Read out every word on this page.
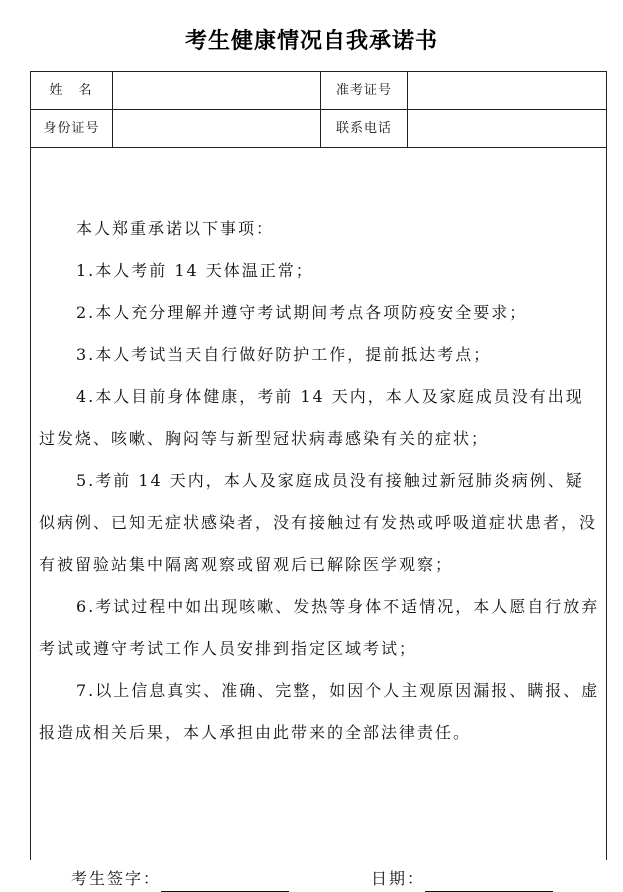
考生健康情况自我承诺书
姓名	准考证号
身份证号	联系电话

本人郑重承诺以下事项：

1.本人考前 14 天体温正常；

2.本人充分理解并遵守考试期间考点各项防疫安全要求；

3.本人考试当天自行做好防护工作，提前抵达考点；

4.本人目前身体健康，考前 14 天内，本人及家庭成员没有出现过发烧、咳嗽、胸闷等与新型冠状病毒感染有关的症状；

5.考前 14 天内，本人及家庭成员没有接触过新冠肺炎病例、疑似病例、已知无症状感染者，没有接触过有发热或呼吸道症状患者，没有被留验站集中隔离观察或留观后已解除医学观察；

6.考试过程中如出现咳嗽、发热等身体不适情况，本人愿自行放弃考试或遵守考试工作人员安排到指定区域考试；

7.以上信息真实、准确、完整，如因个人主观原因漏报、瞒报、虚报造成相关后果，本人承担由此带来的全部法律责任。

考生签字：	日期：
